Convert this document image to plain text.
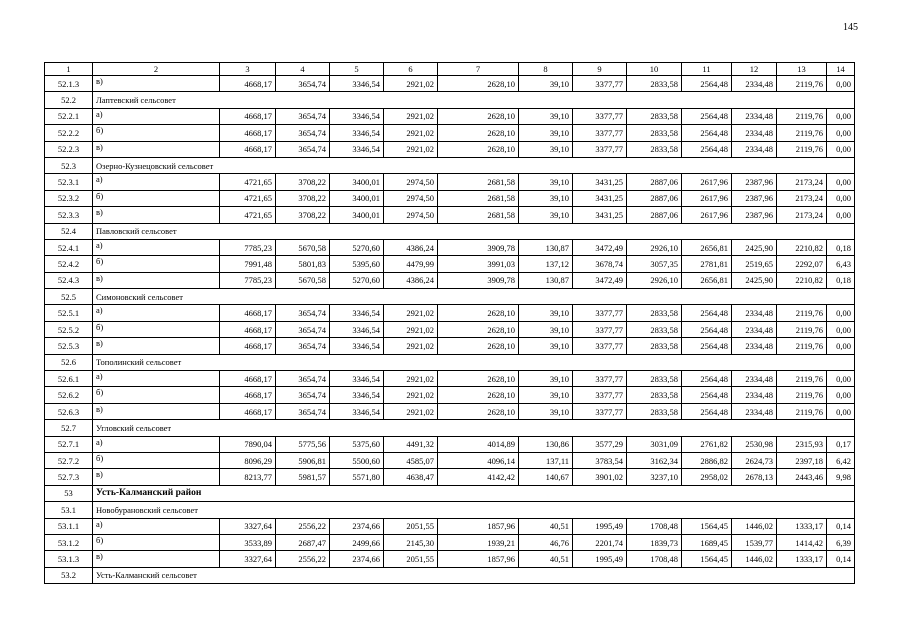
145
1	2	3	4	5	6	7	8	9	10	11	12	13	14
52.1.3	в)	4668,17	3654,74	3346,54	2921,02	2628,10	39,10	3377,77	2833,58	2564,48	2334,48	2119,76	0,00
52.2	Лаптевский сельсовет												
52.2.1	а)	4668,17	3654,74	3346,54	2921,02	2628,10	39,10	3377,77	2833,58	2564,48	2334,48	2119,76	0,00
52.2.2	б)	4668,17	3654,74	3346,54	2921,02	2628,10	39,10	3377,77	2833,58	2564,48	2334,48	2119,76	0,00
52.2.3	в)	4668,17	3654,74	3346,54	2921,02	2628,10	39,10	3377,77	2833,58	2564,48	2334,48	2119,76	0,00
52.3	Озерно-Кузнецовский сельсовет												
52.3.1	а)	4721,65	3708,22	3400,01	2974,50	2681,58	39,10	3431,25	2887,06	2617,96	2387,96	2173,24	0,00
52.3.2	б)	4721,65	3708,22	3400,01	2974,50	2681,58	39,10	3431,25	2887,06	2617,96	2387,96	2173,24	0,00
52.3.3	в)	4721,65	3708,22	3400,01	2974,50	2681,58	39,10	3431,25	2887,06	2617,96	2387,96	2173,24	0,00
52.4	Павловский сельсовет												
52.4.1	а)	7785,23	5670,58	5270,60	4386,24	3909,78	130,87	3472,49	2926,10	2656,81	2425,90	2210,82	0,18
52.4.2	б)	7991,48	5801,83	5395,60	4479,99	3991,03	137,12	3678,74	3057,35	2781,81	2519,65	2292,07	6,43
52.4.3	в)	7785,23	5670,58	5270,60	4386,24	3909,78	130,87	3472,49	2926,10	2656,81	2425,90	2210,82	0,18
52.5	Симоновский сельсовет												
52.5.1	а)	4668,17	3654,74	3346,54	2921,02	2628,10	39,10	3377,77	2833,58	2564,48	2334,48	2119,76	0,00
52.5.2	б)	4668,17	3654,74	3346,54	2921,02	2628,10	39,10	3377,77	2833,58	2564,48	2334,48	2119,76	0,00
52.5.3	в)	4668,17	3654,74	3346,54	2921,02	2628,10	39,10	3377,77	2833,58	2564,48	2334,48	2119,76	0,00
52.6	Тополинский сельсовет												
52.6.1	а)	4668,17	3654,74	3346,54	2921,02	2628,10	39,10	3377,77	2833,58	2564,48	2334,48	2119,76	0,00
52.6.2	б)	4668,17	3654,74	3346,54	2921,02	2628,10	39,10	3377,77	2833,58	2564,48	2334,48	2119,76	0,00
52.6.3	в)	4668,17	3654,74	3346,54	2921,02	2628,10	39,10	3377,77	2833,58	2564,48	2334,48	2119,76	0,00
52.7	Угловский сельсовет												
52.7.1	а)	7890,04	5775,56	5375,60	4491,32	4014,89	130,86	3577,29	3031,09	2761,82	2530,98	2315,93	0,17
52.7.2	б)	8096,29	5906,81	5500,60	4585,07	4096,14	137,11	3783,54	3162,34	2886,82	2624,73	2397,18	6,42
52.7.3	в)	8213,77	5981,57	5571,80	4638,47	4142,42	140,67	3901,02	3237,10	2958,02	2678,13	2443,46	9,98
53	Усть-Калманский район												
53.1	Новобурановский сельсовет												
53.1.1	а)	3327,64	2556,22	2374,66	2051,55	1857,96	40,51	1995,49	1708,48	1564,45	1446,02	1333,17	0,14
53.1.2	б)	3533,89	2687,47	2499,66	2145,30	1939,21	46,76	2201,74	1839,73	1689,45	1539,77	1414,42	6,39
53.1.3	в)	3327,64	2556,22	2374,66	2051,55	1857,96	40,51	1995,49	1708,48	1564,45	1446,02	1333,17	0,14
53.2	Усть-Калманский сельсовет												
